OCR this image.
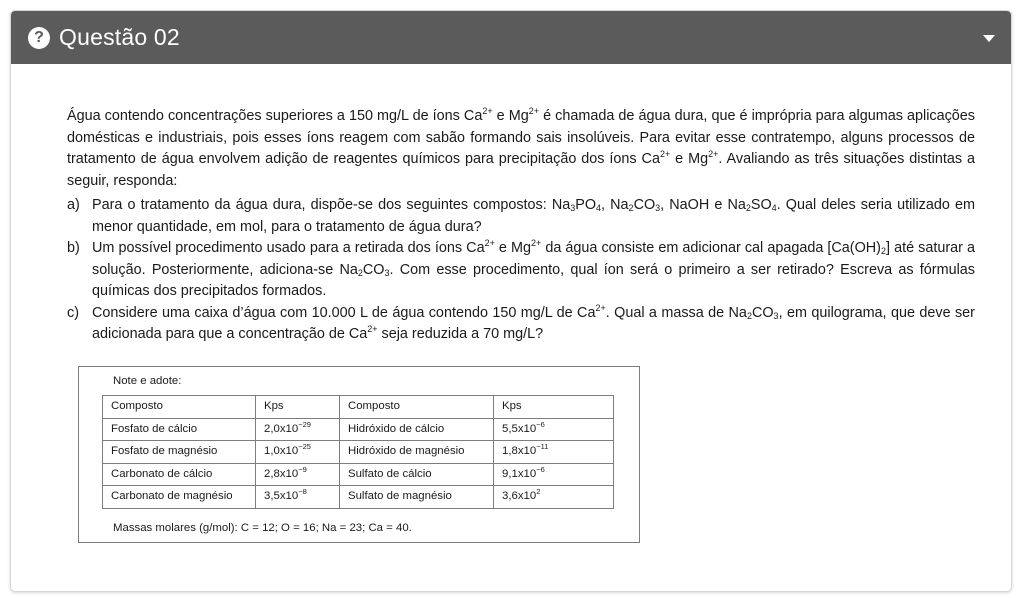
? Questão 02

Água contendo concentrações superiores a 150 mg/L de íons $Ca^{2+}$ e $Mg^{2+}$ é chamada de água dura, que é imprópria para algumas aplicações domésticas e industriais, pois esses íons reagem com sabão formando sais insolúveis. Para evitar esse contratempo, alguns processos de tratamento de água envolvem adição de reagentes químicos para precipitação dos íons $Ca^{2+}$ e $Mg^{2+}$. Avaliando as três situações distintas a seguir, responda:

a) Para o tratamento da água dura, dispõe-se dos seguintes compostos: $Na_3PO_4$, $Na_2CO_3$, NaOH e $Na_2SO_4$. Qual deles seria utilizado em menor quantidade, em mol, para o tratamento de água dura?
b) Um possível procedimento usado para a retirada dos íons $Ca^{2+}$ e $Mg^{2+}$ da água consiste em adicionar cal apagada $[Ca(OH)_2]$ até saturar a solução. Posteriormente, adiciona-se $Na_2CO_3$. Com esse procedimento, qual íon será o primeiro a ser retirado? Escreva as fórmulas químicas dos precipitados formados.
c) Considere uma caixa d’água com 10.000 L de água contendo 150 mg/L de $Ca^{2+}$. Qual a massa de $Na_2CO_3$, em quilograma, que deve ser adicionada para que a concentração de $Ca^{2+}$ seja reduzida a 70 mg/L?
Note e adote:
Composto	Kps	Composto	Kps
Fosfato de cálcio	$2,0x10^{-29}$	Hidróxido de cálcio	$5,5x10^{-6}$
Fosfato de magnésio	$1,0x10^{-25}$	Hidróxido de magnésio	$1,8x10^{-11}$
Carbonato de cálcio	$2,8x10^{-9}$	Sulfato de cálcio	$9,1x10^{-6}$
Carbonato de magnésio	$3,5x10^{-8}$	Sulfato de magnésio	$3,6x10^2$
Massas molares (g/mol): C = 12; O = 16; Na = 23; Ca = 40.
